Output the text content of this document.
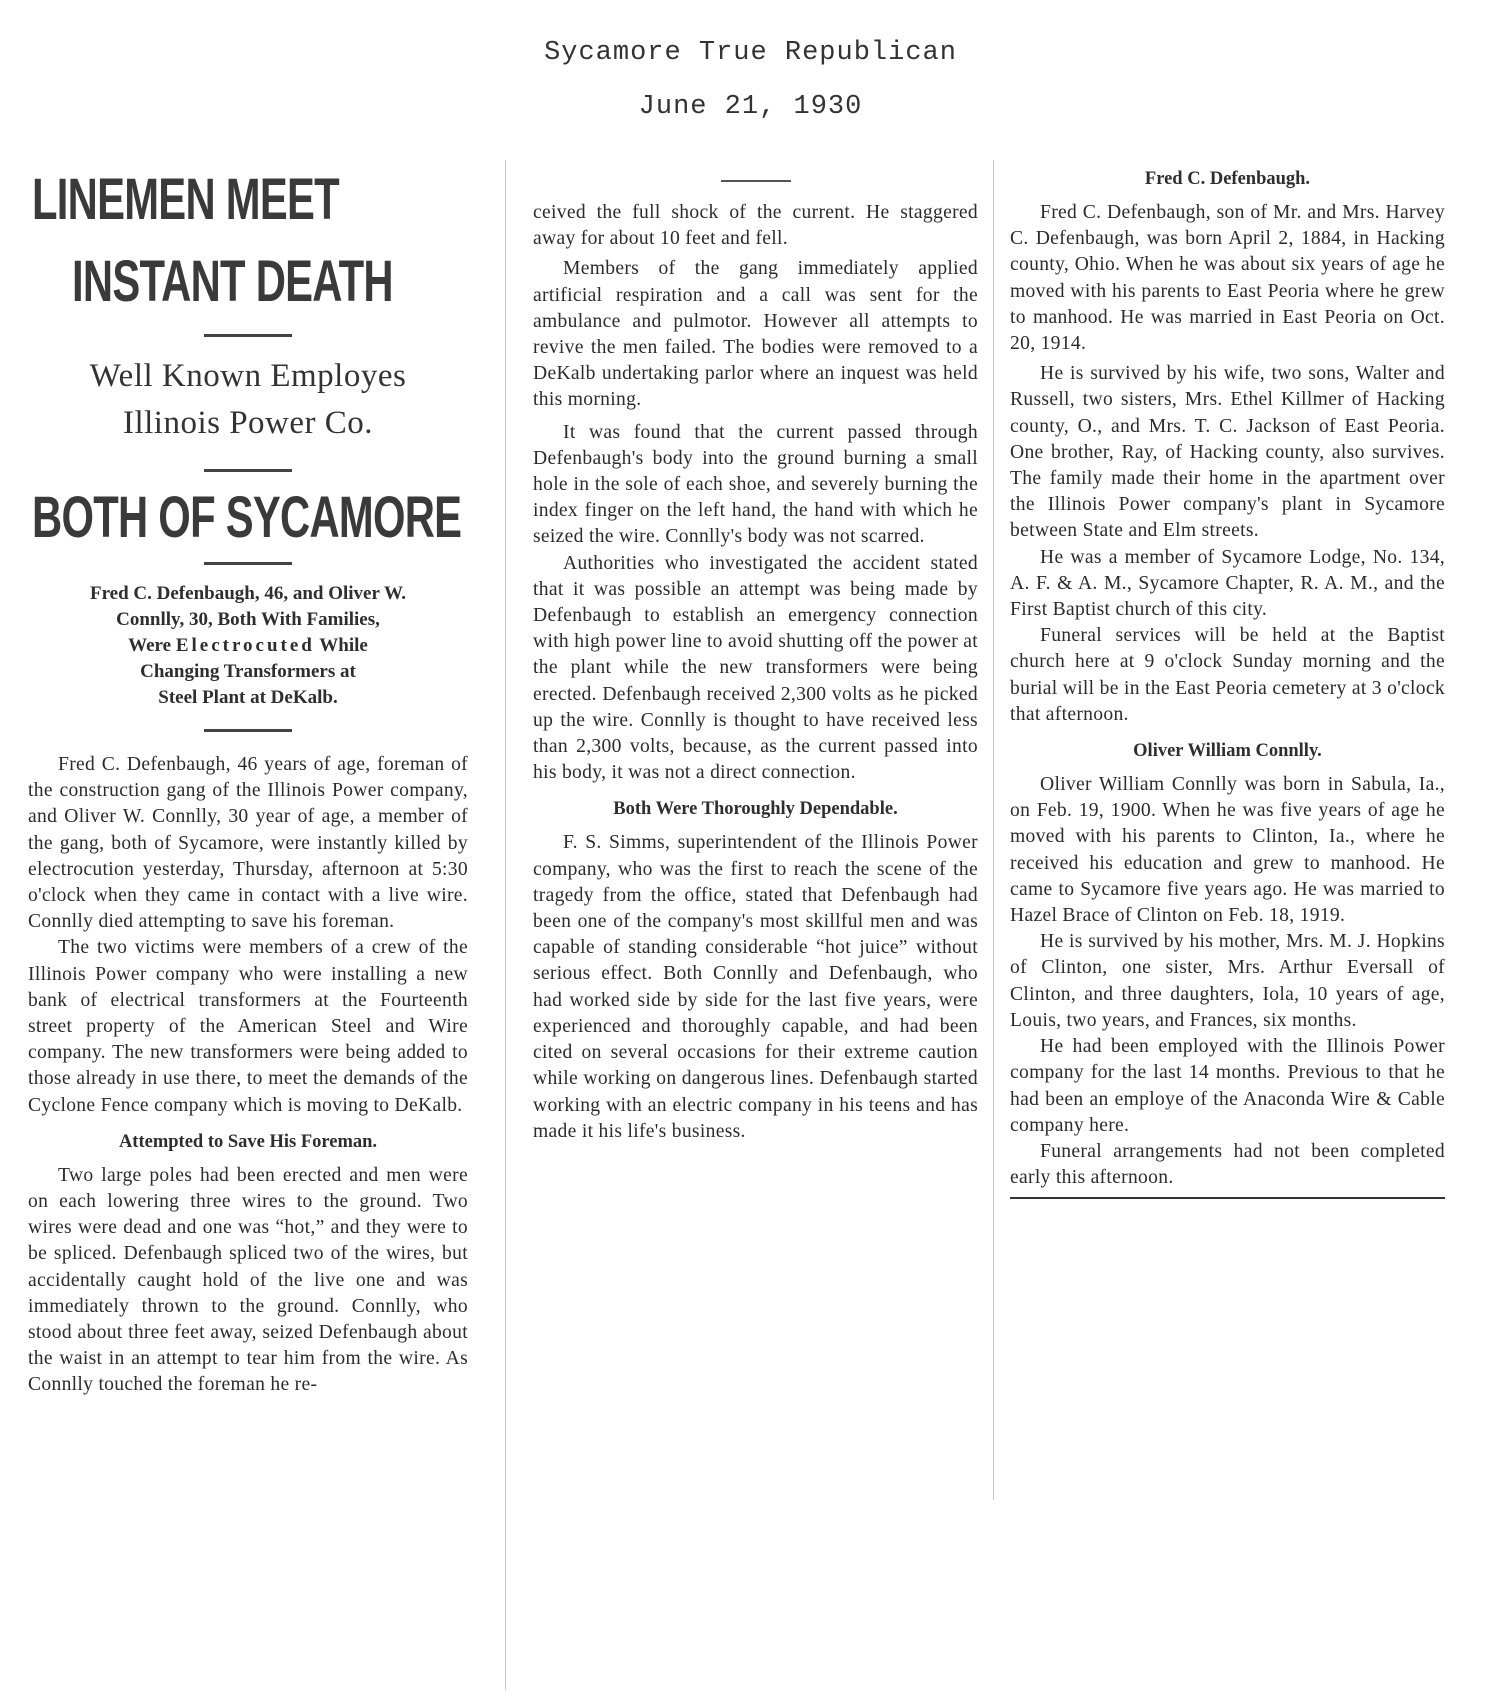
Sycamore True Republican
June 21, 1930
LINEMEN MEET
INSTANT DEATH
Well Known Employes
Illinois Power Co.
BOTH OF SYCAMORE
Fred C. Defenbaugh, 46, and Oliver W.
Connlly, 30, Both With Families,
Were Electrocuted While
Changing Transformers at
Steel Plant at DeKalb.

Fred C. Defenbaugh, 46 years of age, foreman of the construction gang of the Illinois Power company, and Oliver W. Connlly, 30 year of age, a member of the gang, both of Sycamore, were instantly killed by electrocution yesterday, Thursday, afternoon at 5:30 o'clock when they came in contact with a live wire. Connlly died attempting to save his foreman.

The two victims were members of a crew of the Illinois Power company who were installing a new bank of electrical transformers at the Fourteenth street property of the American Steel and Wire company. The new transformers were being added to those already in use there, to meet the demands of the Cyclone Fence company which is moving to DeKalb.

Attempted to Save His Foreman.

Two large poles had been erected and men were on each lowering three wires to the ground. Two wires were dead and one was “hot,” and they were to be spliced. Defenbaugh spliced two of the wires, but accidentally caught hold of the live one and was immediately thrown to the ground. Connlly, who stood about three feet away, seized Defenbaugh about the waist in an attempt to tear him from the wire. As Connlly touched the foreman he re-

ceived the full shock of the current. He staggered away for about 10 feet and fell.

Members of the gang immediately applied artificial respiration and a call was sent for the ambulance and pulmotor. However all attempts to revive the men failed. The bodies were removed to a DeKalb undertaking parlor where an inquest was held this morning.

It was found that the current passed through Defenbaugh's body into the ground burning a small hole in the sole of each shoe, and severely burning the index finger on the left hand, the hand with which he seized the wire. Connlly's body was not scarred.

Authorities who investigated the accident stated that it was possible an attempt was being made by Defenbaugh to establish an emergency connection with high power line to avoid shutting off the power at the plant while the new transformers were being erected. Defenbaugh received 2,300 volts as he picked up the wire. Connlly is thought to have received less than 2,300 volts, because, as the current passed into his body, it was not a direct connection.

Both Were Thoroughly Dependable.

F. S. Simms, superintendent of the Illinois Power company, who was the first to reach the scene of the tragedy from the office, stated that Defenbaugh had been one of the company's most skillful men and was capable of standing considerable “hot juice” without serious effect. Both Connlly and Defenbaugh, who had worked side by side for the last five years, were experienced and thoroughly capable, and had been cited on several occasions for their extreme caution while working on dangerous lines. Defenbaugh started working with an electric company in his teens and has made it his life's business.

Fred C. Defenbaugh.

Fred C. Defenbaugh, son of Mr. and Mrs. Harvey C. Defenbaugh, was born April 2, 1884, in Hacking county, Ohio. When he was about six years of age he moved with his parents to East Peoria where he grew to manhood. He was married in East Peoria on Oct. 20, 1914.

He is survived by his wife, two sons, Walter and Russell, two sisters, Mrs. Ethel Killmer of Hacking county, O., and Mrs. T. C. Jackson of East Peoria. One brother, Ray, of Hacking county, also survives. The family made their home in the apartment over the Illinois Power company's plant in Sycamore between State and Elm streets.

He was a member of Sycamore Lodge, No. 134, A. F. & A. M., Sycamore Chapter, R. A. M., and the First Baptist church of this city.

Funeral services will be held at the Baptist church here at 9 o'clock Sunday morning and the burial will be in the East Peoria cemetery at 3 o'clock that afternoon.

Oliver William Connlly.

Oliver William Connlly was born in Sabula, Ia., on Feb. 19, 1900. When he was five years of age he moved with his parents to Clinton, Ia., where he received his education and grew to manhood. He came to Sycamore five years ago. He was married to Hazel Brace of Clinton on Feb. 18, 1919.

He is survived by his mother, Mrs. M. J. Hopkins of Clinton, one sister, Mrs. Arthur Eversall of Clinton, and three daughters, Iola, 10 years of age, Louis, two years, and Frances, six months.

He had been employed with the Illinois Power company for the last 14 months. Previous to that he had been an employe of the Anaconda Wire & Cable company here.

Funeral arrangements had not been completed early this afternoon.
